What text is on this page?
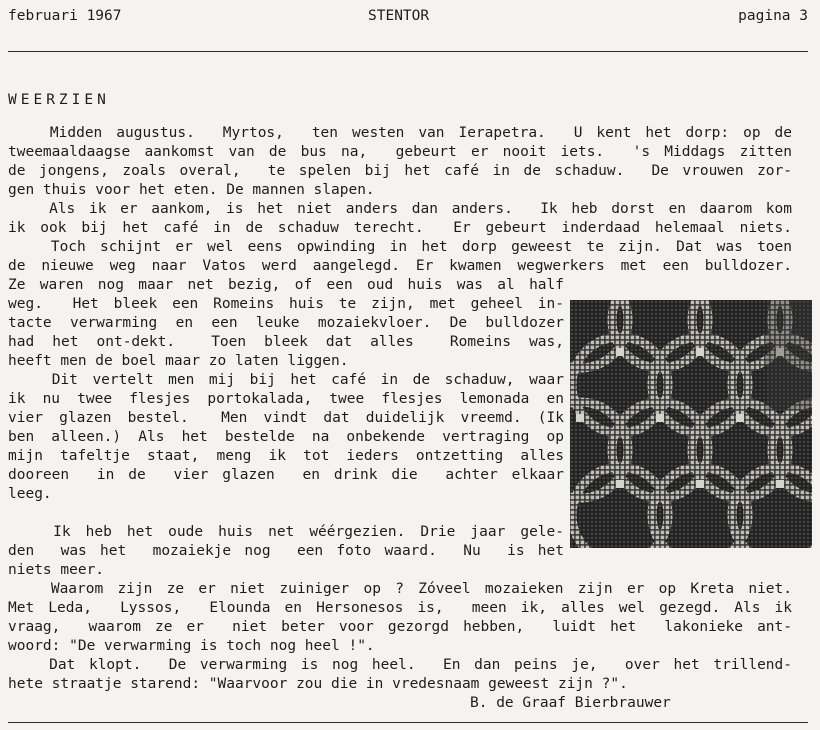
februari 1967	STENTOR	pagina 3
WEERZIEN
Midden augustus.  Myrtos,  ten westen van Ierapetra.  U kent het dorp: op de
tweemaaldaagse aankomst van de bus na,  gebeurt er nooit iets.  's Middags zitten
de jongens, zoals overal,  te spelen bij het café in de schaduw.  De vrouwen zor-
gen thuis voor het eten. De mannen slapen.
Als ik er aankom, is het niet anders dan anders.  Ik heb dorst en daarom kom
ik ook bij het café in de schaduw terecht.  Er gebeurt inderdaad helemaal niets.
Toch schijnt er wel eens opwinding in het dorp geweest te zijn. Dat was toen
de nieuwe weg naar Vatos werd aangelegd. Er kwamen wegwerkers met een bulldozer.
Ze waren nog maar net bezig, of een oud huis was al half
weg.  Het bleek een Romeins huis te zijn, met geheel in-
tacte verwarming en een leuke mozaiekvloer. De bulldozer
had het ont-dekt.  Toen bleek dat alles  Romeins was,
heeft men de boel maar zo laten liggen.
Dit vertelt men mij bij het café in de schaduw, waar
ik nu twee flesjes portokalada, twee flesjes lemonada en
vier glazen bestel.  Men vindt dat duidelijk vreemd. (Ik
ben alleen.) Als het bestelde na onbekende vertraging op
mijn tafeltje staat, meng ik tot ieders ontzetting alles
dooreen  in de  vier glazen  en drink die  achter elkaar
leeg.
Ik heb het oude huis net wéérgezien. Drie jaar gele-
den  was het  mozaiekje nog  een foto waard.  Nu  is het
niets meer.
Waarom zijn ze er niet zuiniger op ? Zóveel mozaieken zijn er op Kreta niet.
Met Leda,  Lyssos,  Elounda en Hersonesos is,  meen ik, alles wel gezegd. Als ik
vraag,  waarom ze er  niet beter voor gezorgd hebben,  luidt het  lakonieke ant-
woord: "De verwarming is toch nog heel !".
Dat klopt.  De verwarming is nog heel.  En dan peins je,  over het trillend-
hete straatje starend: "Waarvoor zou die in vredesnaam geweest zijn ?".
B. de Graaf Bierbrauwer
